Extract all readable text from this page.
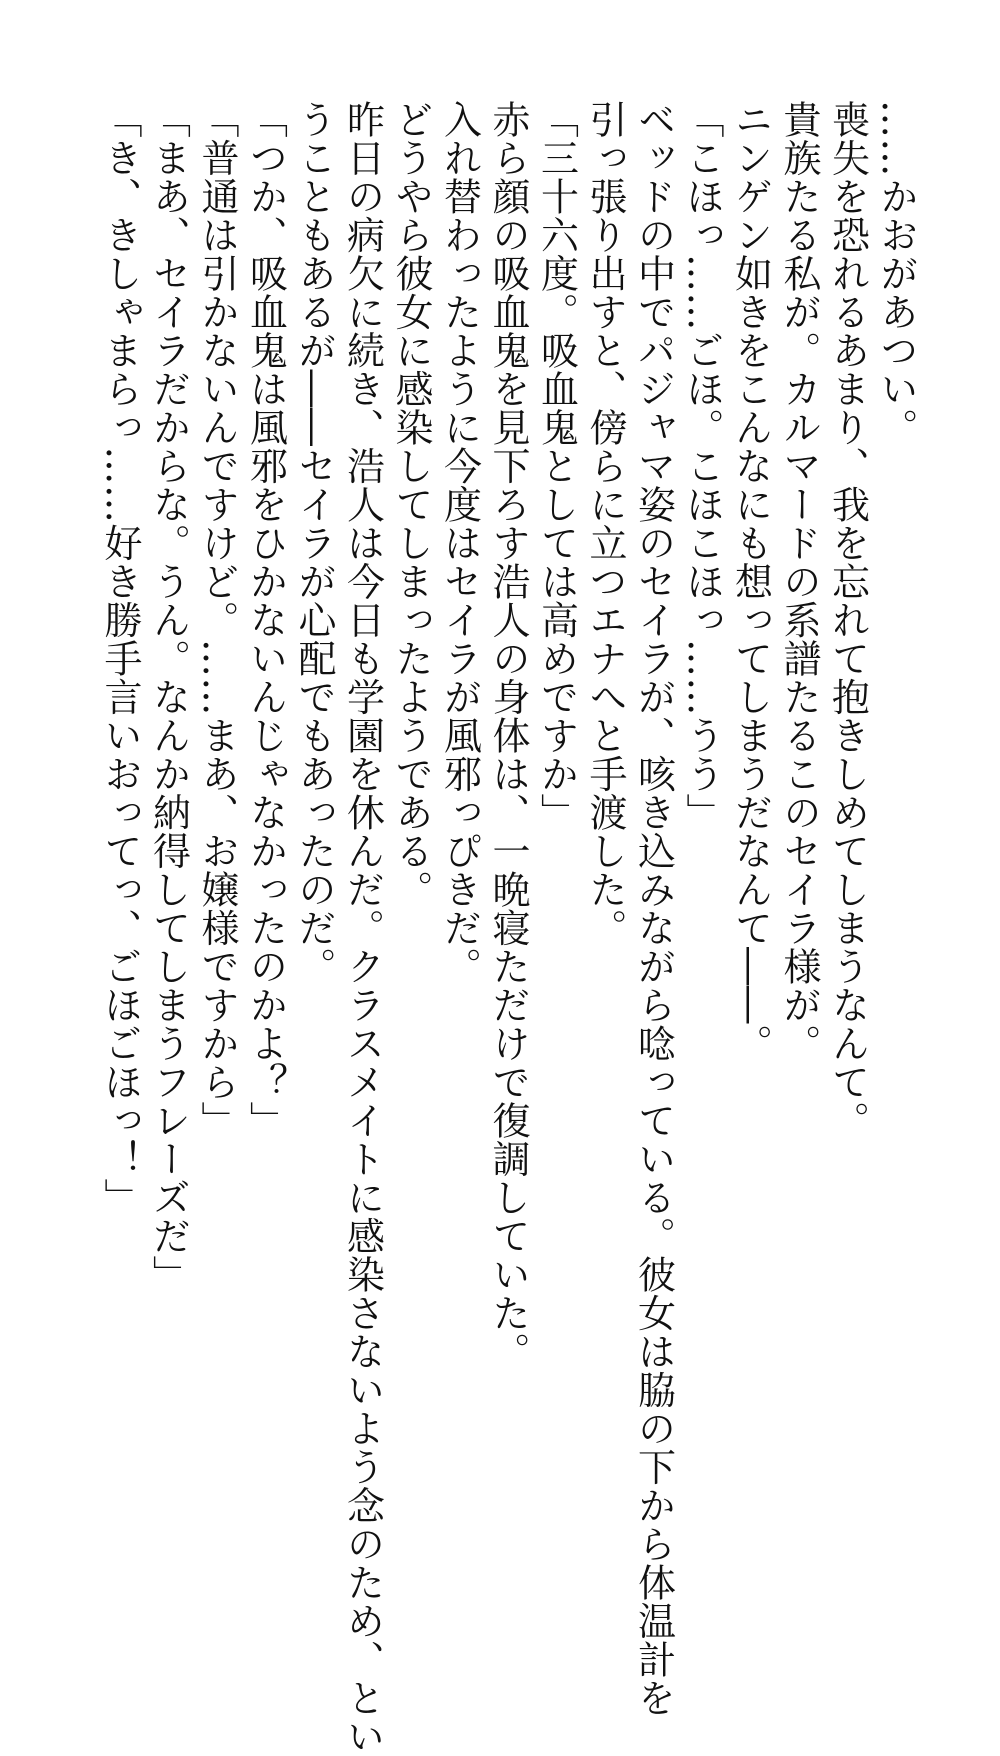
……かおがあつい。
喪失を恐れるあまり、我を忘れて抱きしめてしまうなんて。
貴族たる私が。カルマードの系譜たるこのセイラ様が。
ニンゲン如きをこんなにも想ってしまうだなんて――。
「こほっ……ごほ。こほこほっ……うう」
ベッドの中でパジャマ姿のセイラが、咳き込みながら唸っている。彼女は脇の下から体温計を
引っ張り出すと、傍らに立つエナへと手渡した。
「三十六度。吸血鬼としては高めですか」
赤ら顔の吸血鬼を見下ろす浩人の身体は、一晩寝ただけで復調していた。
入れ替わったように今度はセイラが風邪っぴきだ。
どうやら彼女に感染してしまったようである。
昨日の病欠に続き、浩人は今日も学園を休んだ。クラスメイトに感染さないよう念のため、とい
うこともあるが――セイラが心配でもあったのだ。
「つか、吸血鬼は風邪をひかないんじゃなかったのかよ？」
「普通は引かないんですけど。……まあ、お嬢様ですから」
「まあ、セイラだからな。うん。なんか納得してしまうフレーズだ」
「き、きしゃまらっ……好き勝手言いおってっ、ごほごほっ！」
